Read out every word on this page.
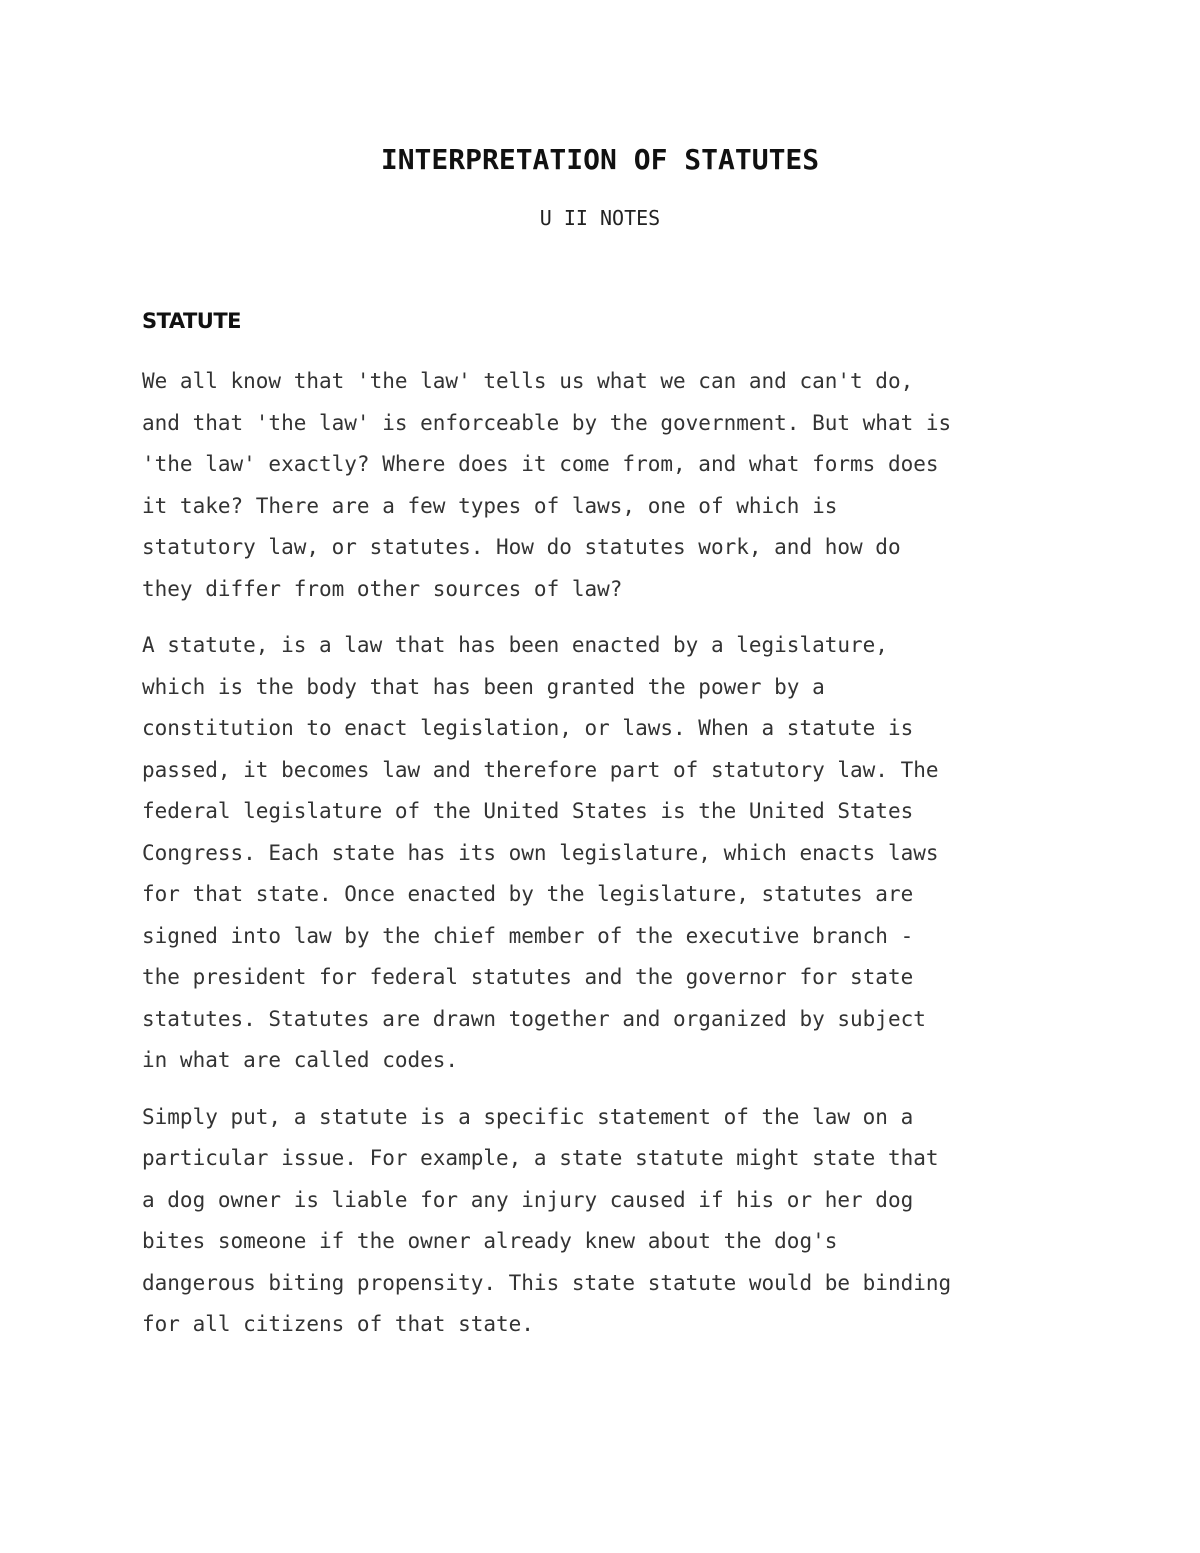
INTERPRETATION OF STATUTES
U II NOTES
STATUTE

We all know that 'the law' tells us what we can and can't do,
and that 'the law' is enforceable by the government. But what is
'the law' exactly? Where does it come from, and what forms does
it take? There are a few types of laws, one of which is
statutory law, or statutes. How do statutes work, and how do
they differ from other sources of law?

A statute, is a law that has been enacted by a legislature,
which is the body that has been granted the power by a
constitution to enact legislation, or laws. When a statute is
passed, it becomes law and therefore part of statutory law. The
federal legislature of the United States is the United States
Congress. Each state has its own legislature, which enacts laws
for that state. Once enacted by the legislature, statutes are
signed into law by the chief member of the executive branch -
the president for federal statutes and the governor for state
statutes. Statutes are drawn together and organized by subject
in what are called codes.

Simply put, a statute is a specific statement of the law on a
particular issue. For example, a state statute might state that
a dog owner is liable for any injury caused if his or her dog
bites someone if the owner already knew about the dog's
dangerous biting propensity. This state statute would be binding
for all citizens of that state.
